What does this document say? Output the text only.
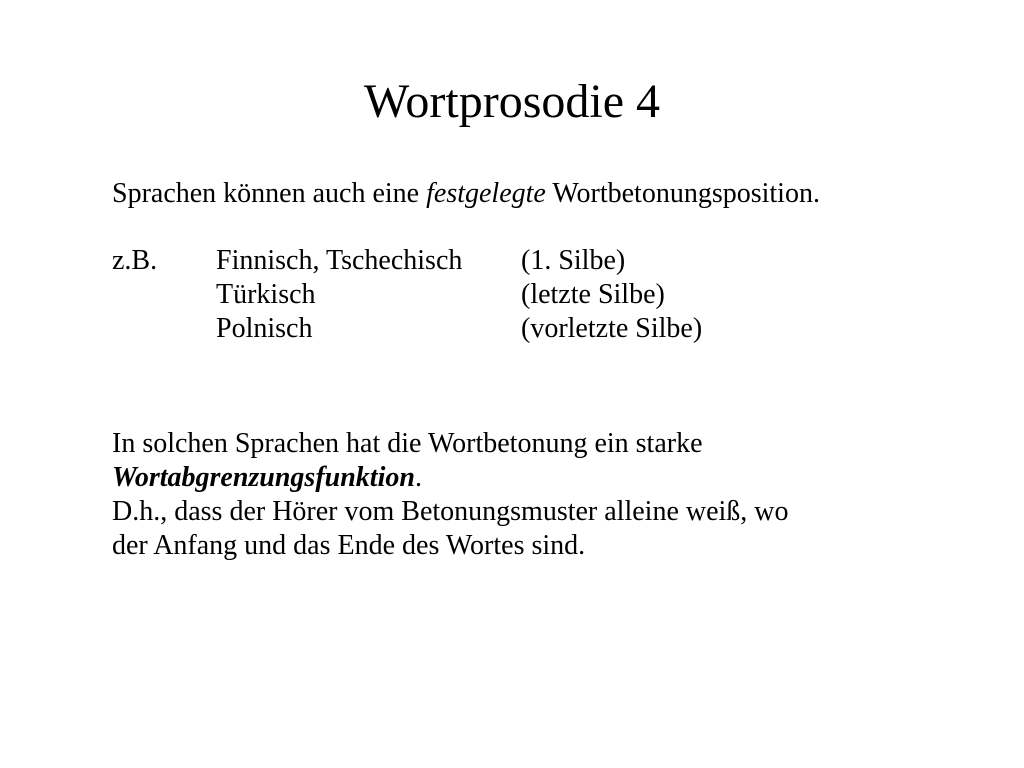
Wortprosodie 4
Sprachen können auch eine festgelegte Wortbetonungsposition.
z.B. Finnisch, Tschechisch (1. Silbe)
Türkisch	(letzte Silbe)
Polnisch	(vorletzte Silbe)
In solchen Sprachen hat die Wortbetonung ein starke
Wortabgrenzungsfunktion.
D.h., dass der Hörer vom Betonungsmuster alleine weiß, wo
der Anfang und das Ende des Wortes sind.
